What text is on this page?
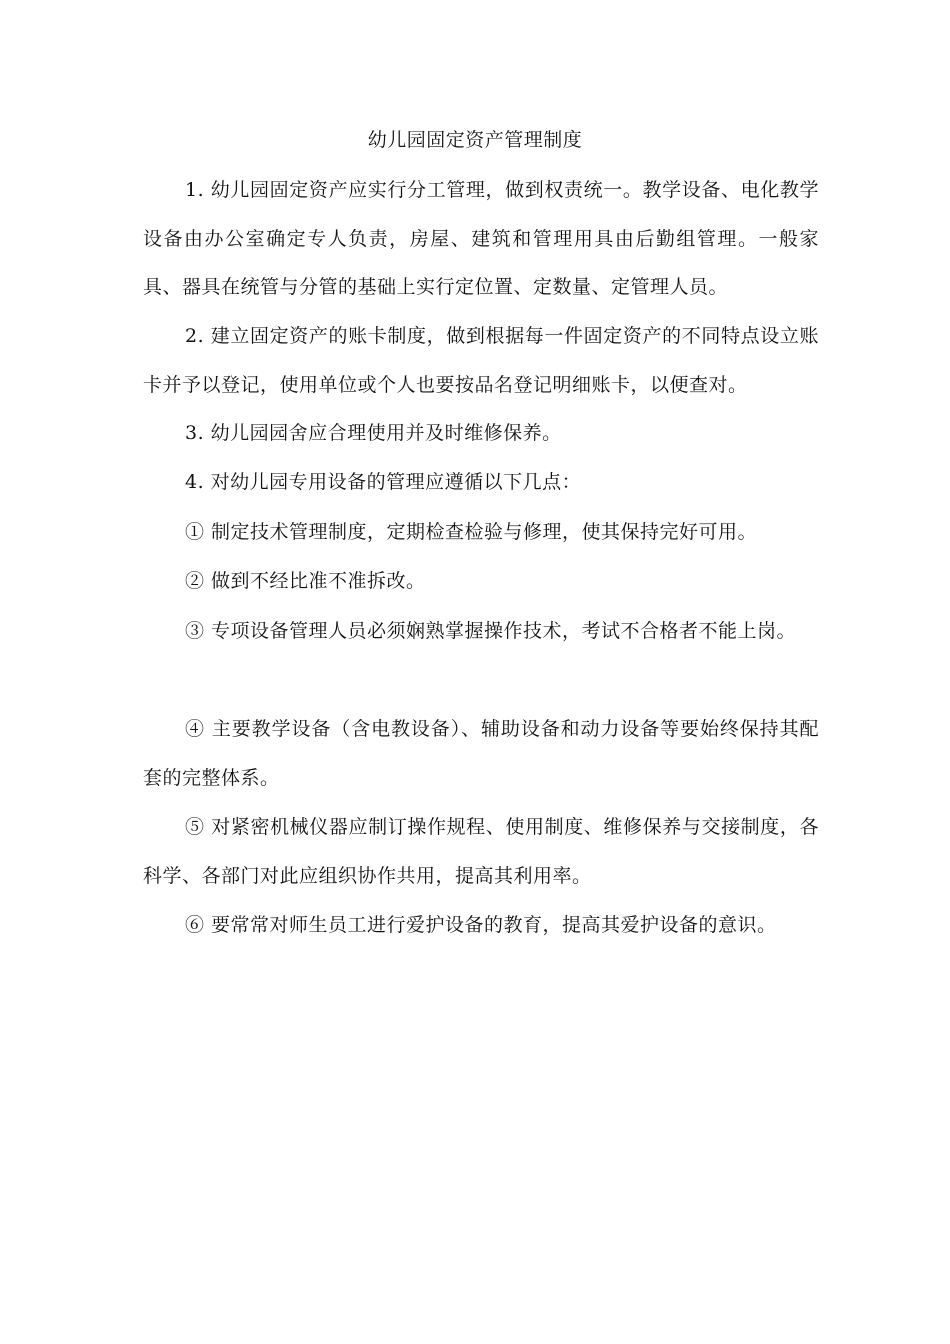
幼儿园固定资产管理制度

1. 幼儿园固定资产应实行分工管理，做到权责统一。教学设备、电化教学设备由办公室确定专人负责，房屋、建筑和管理用具由后勤组管理。一般家具、器具在统管与分管的基础上实行定位置、定数量、定管理人员。

2. 建立固定资产的账卡制度，做到根据每一件固定资产的不同特点设立账卡并予以登记，使用单位或个人也要按品名登记明细账卡，以便查对。

3. 幼儿园园舍应合理使用并及时维修保养。

4. 对幼儿园专用设备的管理应遵循以下几点：

① 制定技术管理制度，定期检查检验与修理，使其保持完好可用。

② 做到不经比准不准拆改。

③ 专项设备管理人员必须娴熟掌握操作技术，考试不合格者不能上岗。

④ 主要教学设备（含电教设备）、辅助设备和动力设备等要始终保持其配套的完整体系。

⑤ 对紧密机械仪器应制订操作规程、使用制度、维修保养与交接制度，各科学、各部门对此应组织协作共用，提高其利用率。

⑥ 要常常对师生员工进行爱护设备的教育，提高其爱护设备的意识。
